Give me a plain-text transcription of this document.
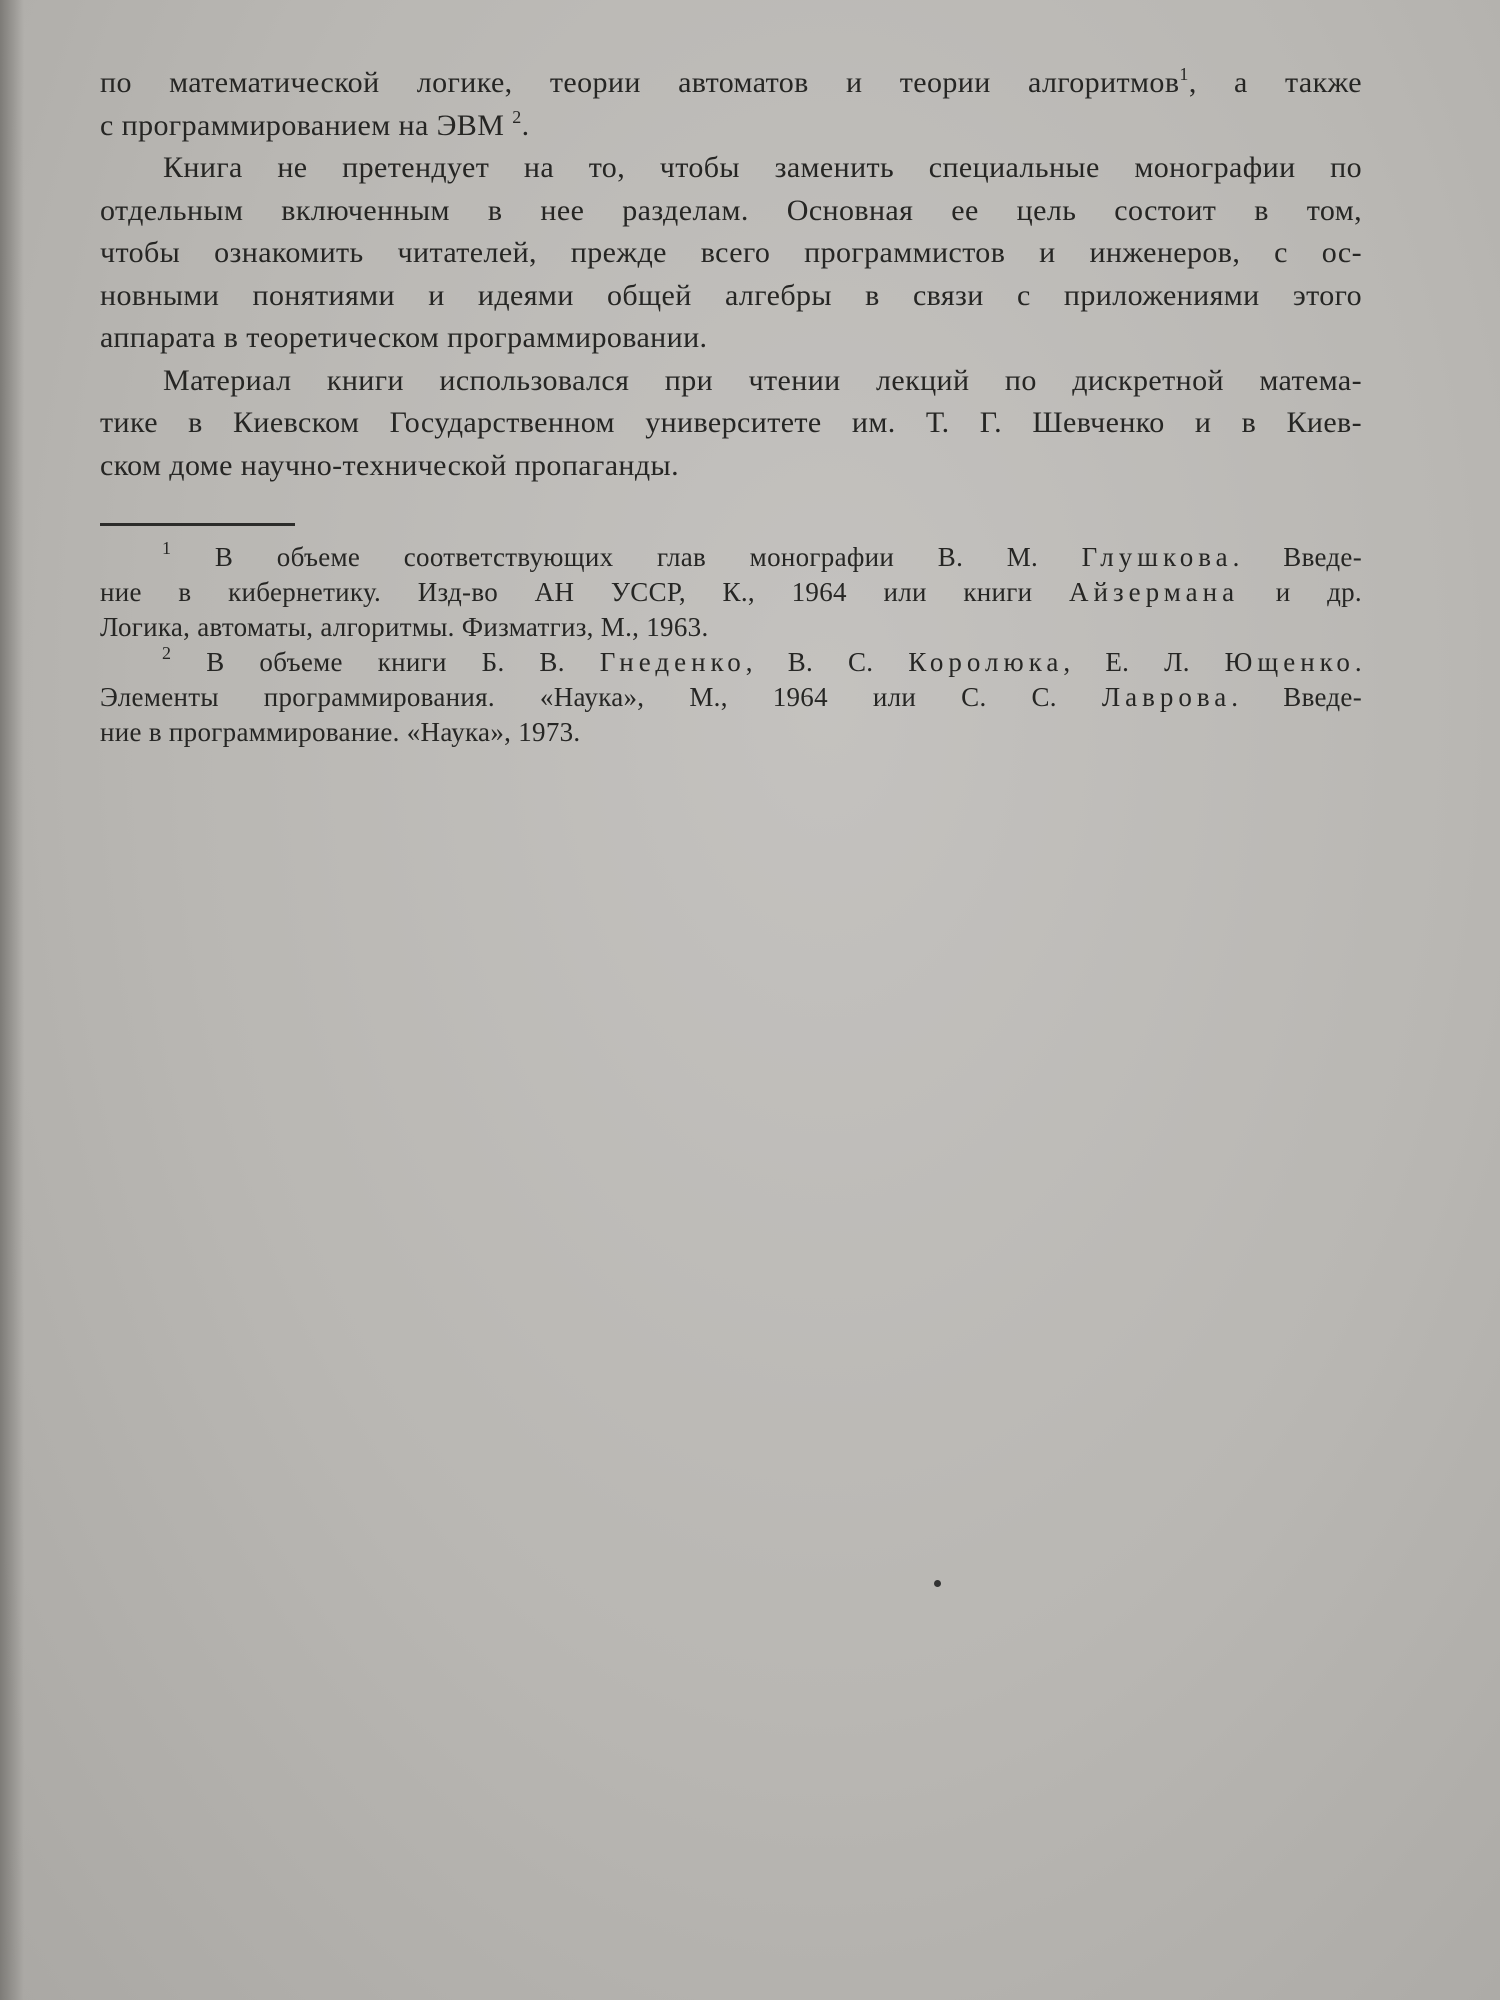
по математической логике, теории автоматов и теории алгоритмов$^1$, а также
с программированием на ЭВМ $^2$.
Книга не претендует на то, чтобы заменить специальные монографии по
отдельным включенным в нее разделам. Основная ее цель состоит в том,
чтобы ознакомить читателей, прежде всего программистов и инженеров, с ос-
новными понятиями и идеями общей алгебры в связи с приложениями этого
аппарата в теоретическом программировании.
Материал книги использовался при чтении лекций по дискретной матема-
тике в Киевском Государственном университете им. Т. Г. Шевченко и в Киев-
ском доме научно-технической пропаганды.
$^1$ В объеме соответствующих глав монографии В. М. Глушкова. Введе-
ние в кибернетику. Изд-во АН УССР, К., 1964 или книги Айзермана и др.
Логика, автоматы, алгоритмы. Физматгиз, М., 1963.
$^2$ В объеме книги Б. В. Гнеденко, В. С. Королюка, Е. Л. Ющенко.
Элементы программирования. «Наука», М., 1964 или С. С. Лаврова. Введе-
ние в программирование. «Наука», 1973.
